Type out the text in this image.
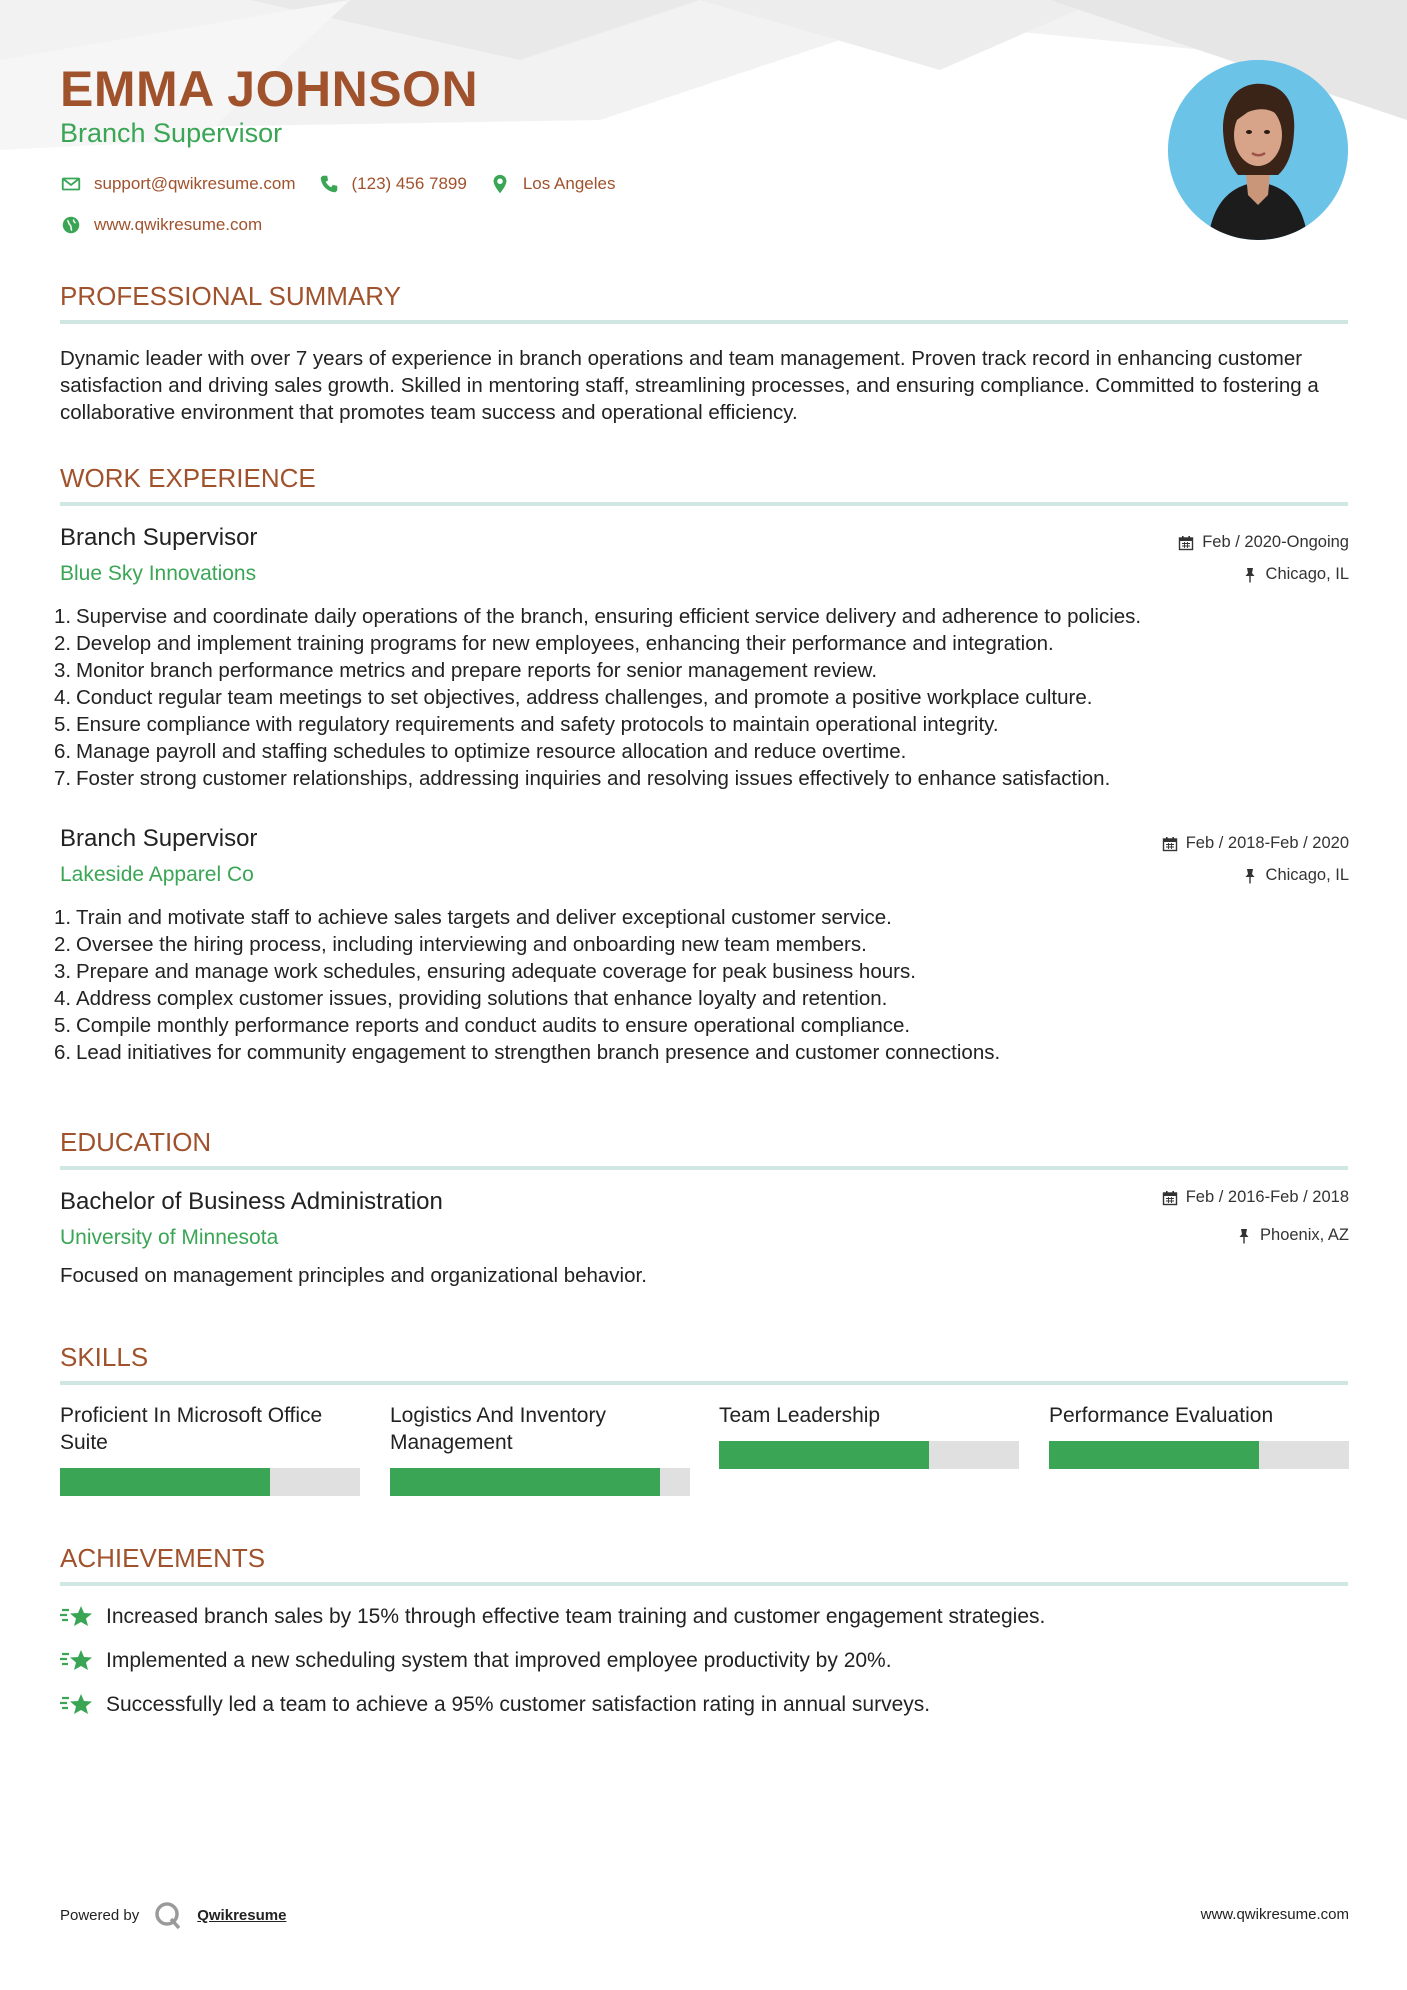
EMMA JOHNSON
Branch Supervisor
support@qwikresume.com	(123) 456 7899	Los Angeles
www.qwikresume.com
PROFESSIONAL SUMMARY
Dynamic leader with over 7 years of experience in branch operations and team management. Proven track record in enhancing customer satisfaction and driving sales growth. Skilled in mentoring staff, streamlining processes, and ensuring compliance. Committed to fostering a collaborative environment that promotes team success and operational efficiency.
WORK EXPERIENCE
Branch Supervisor	Feb / 2020-Ongoing
Blue Sky Innovations	Chicago, IL
1. Supervise and coordinate daily operations of the branch, ensuring efficient service delivery and adherence to policies.
2. Develop and implement training programs for new employees, enhancing their performance and integration.
3. Monitor branch performance metrics and prepare reports for senior management review.
4. Conduct regular team meetings to set objectives, address challenges, and promote a positive workplace culture.
5. Ensure compliance with regulatory requirements and safety protocols to maintain operational integrity.
6. Manage payroll and staffing schedules to optimize resource allocation and reduce overtime.
7. Foster strong customer relationships, addressing inquiries and resolving issues effectively to enhance satisfaction.
Branch Supervisor	Feb / 2018-Feb / 2020
Lakeside Apparel Co	Chicago, IL
1. Train and motivate staff to achieve sales targets and deliver exceptional customer service.
2. Oversee the hiring process, including interviewing and onboarding new team members.
3. Prepare and manage work schedules, ensuring adequate coverage for peak business hours.
4. Address complex customer issues, providing solutions that enhance loyalty and retention.
5. Compile monthly performance reports and conduct audits to ensure operational compliance.
6. Lead initiatives for community engagement to strengthen branch presence and customer connections.
EDUCATION
Bachelor of Business Administration	Feb / 2016-Feb / 2018
University of Minnesota	Phoenix, AZ
Focused on management principles and organizational behavior.
SKILLS
Proficient In Microsoft Office Suite
Logistics And Inventory Management
Team Leadership	Performance Evaluation
ACHIEVEMENTS
Increased branch sales by 15% through effective team training and customer engagement strategies.
Implemented a new scheduling system that improved employee productivity by 20%.
Successfully led a team to achieve a 95% customer satisfaction rating in annual surveys.
Powered by	Qwikresume	www.qwikresume.com
